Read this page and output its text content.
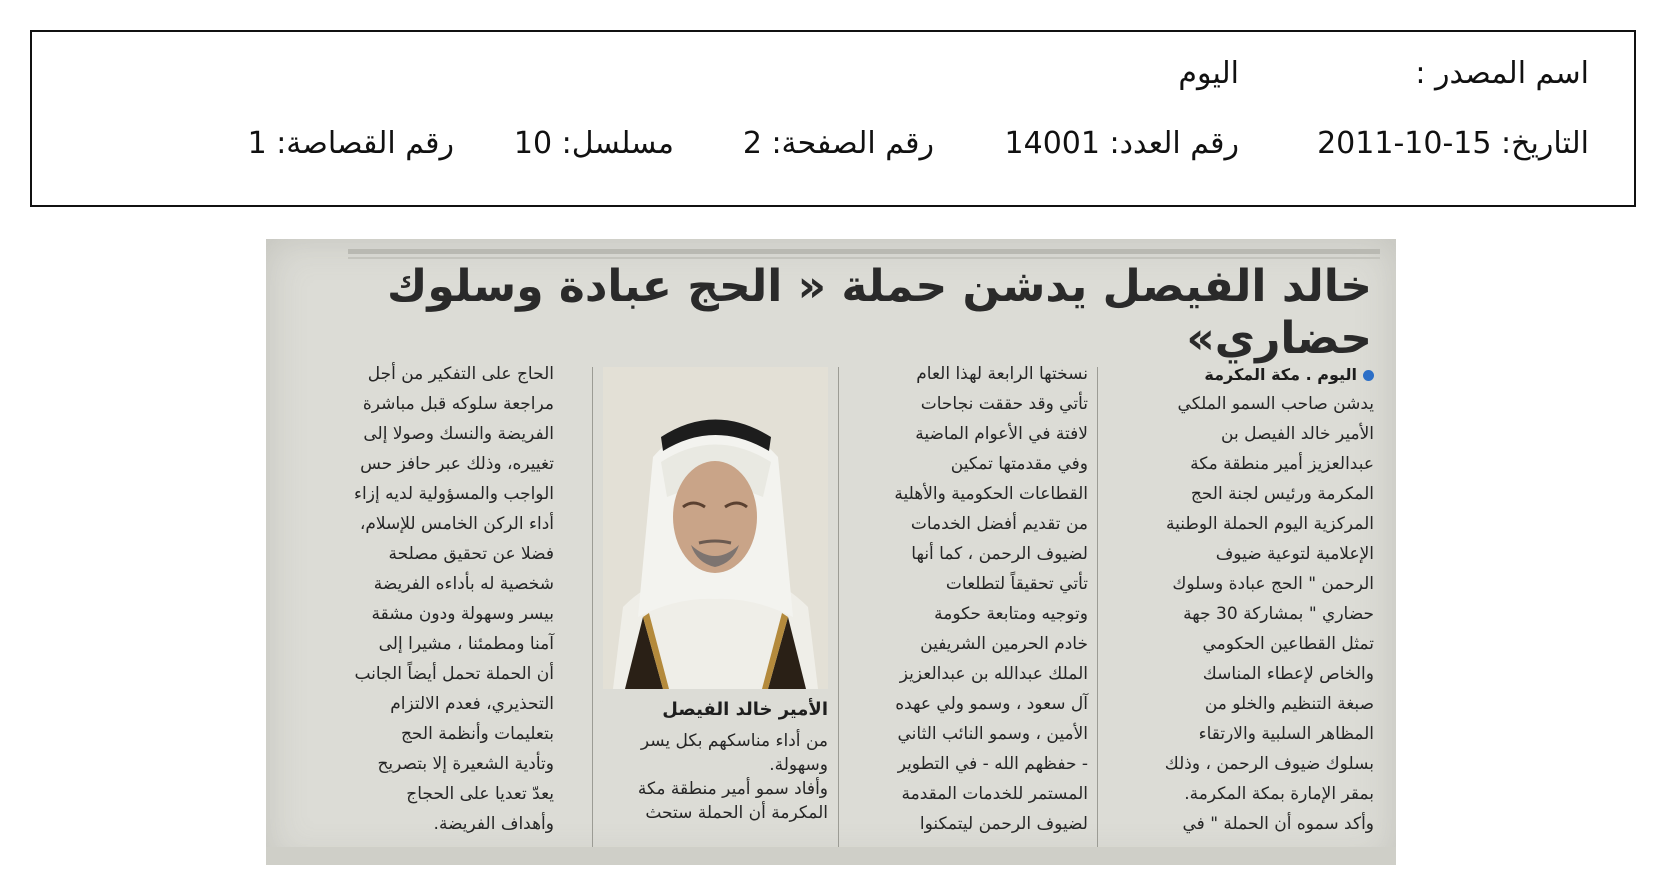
اسم المصدر :
اليوم
التاريخ: 15-10-2011
رقم العدد: 14001
رقم الصفحة: 2
مسلسل: 10
رقم القصاصة: 1
خالد الفيصل يدشن حملة « الحج عبادة وسلوك حضاري»
اليوم . مكة المكرمة
يدشن صاحب السمو الملكي
الأمير خالد الفيصل بن
عبدالعزيز أمير منطقة مكة
المكرمة ورئيس لجنة الحج
المركزية اليوم الحملة الوطنية
الإعلامية لتوعية ضيوف
الرحمن " الحج عبادة وسلوك
حضاري " بمشاركة 30 جهة
تمثل القطاعين الحكومي
والخاص لإعطاء المناسك
صبغة التنظيم والخلو من
المظاهر السلبية والارتقاء
بسلوك ضيوف الرحمن ، وذلك
بمقر الإمارة بمكة المكرمة.
وأكد سموه أن الحملة " في
نسختها الرابعة لهذا العام
تأتي وقد حققت نجاحات
لافتة في الأعوام الماضية
وفي مقدمتها تمكين
القطاعات الحكومية والأهلية
من تقديم أفضل الخدمات
لضيوف الرحمن ، كما أنها
تأتي تحقيقاً لتطلعات
وتوجيه ومتابعة حكومة
خادم الحرمين الشريفين
الملك عبدالله بن عبدالعزيز
آل سعود ، وسمو ولي عهده
الأمين ، وسمو النائب الثاني
- حفظهم الله - في التطوير
المستمر للخدمات المقدمة
لضيوف الرحمن ليتمكنوا
الأمير خالد الفيصل
من أداء مناسكهم بكل يسر
وسهولة.
وأفاد سمو أمير منطقة مكة
المكرمة أن الحملة ستحث
الحاج على التفكير من أجل
مراجعة سلوكه قبل مباشرة
الفريضة والنسك وصولا إلى
تغييره، وذلك عبر حافز حس
الواجب والمسؤولية لديه إزاء
أداء الركن الخامس للإسلام،
فضلا عن تحقيق مصلحة
شخصية له بأداءه الفريضة
بيسر وسهولة ودون مشقة
آمنا ومطمئنا ، مشيرا إلى
أن الحملة تحمل أيضاً الجانب
التحذيري، فعدم الالتزام
بتعليمات وأنظمة الحج
وتأدية الشعيرة إلا بتصريح
يعدّ تعديا على الحجاج
وأهداف الفريضة.
